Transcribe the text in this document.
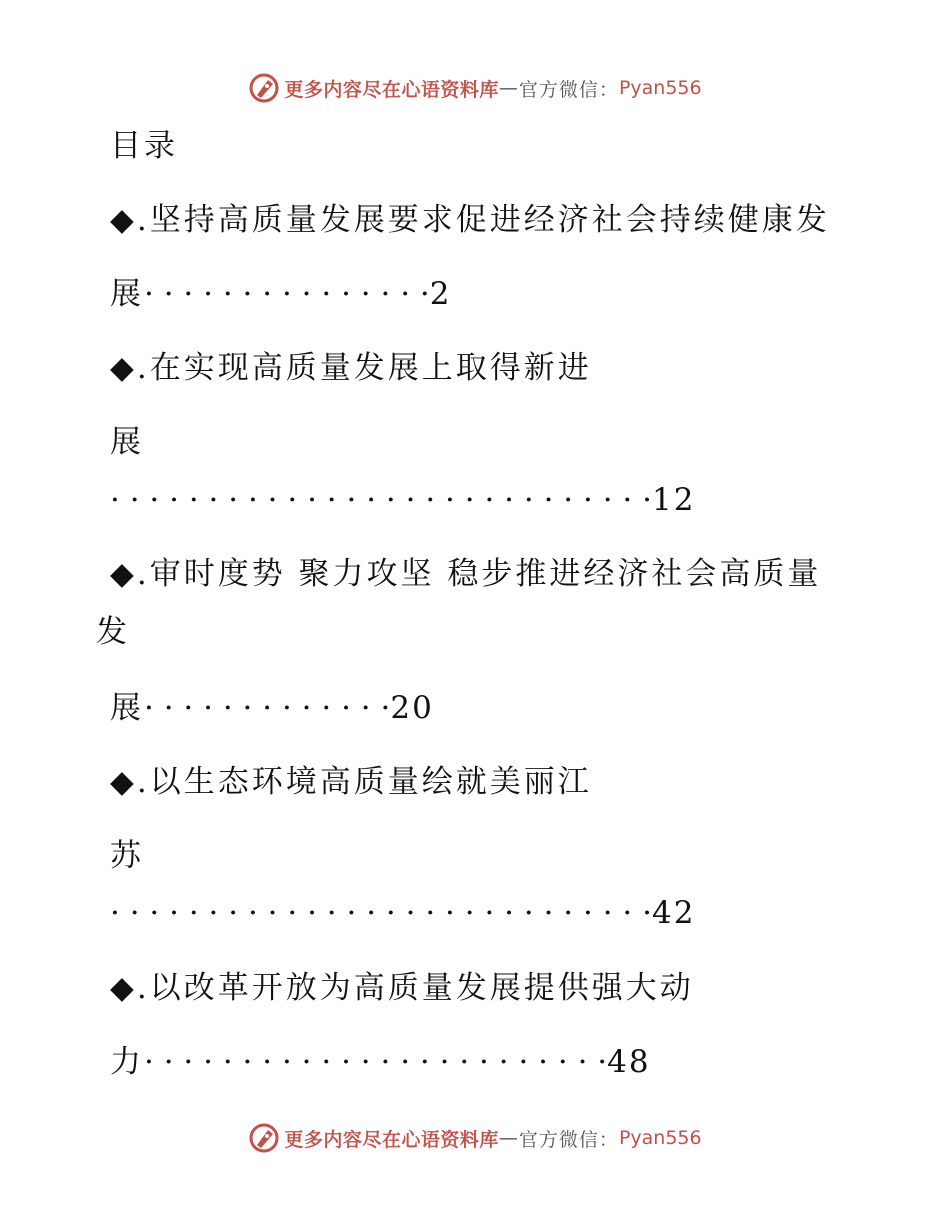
更多内容尽在心语资料库 — 官方微信： Pyan556
目录
◆.坚持高质量发展要求促进经济社会持续健康发
展· · · · · · · · · · · · · · ·2
◆.在实现高质量发展上取得新进
展
· · · · · · · · · · · · · · · · · · · · · · · · · · · ·12
◆.审时度势 聚力攻坚 稳步推进经济社会高质量
发
展· · · · · · · · · · · · ·20
◆.以生态环境高质量绘就美丽江
苏
· · · · · · · · · · · · · · · · · · · · · · · · · · · ·42
◆.以改革开放为高质量发展提供强大动
力· · · · · · · · · · · · · · · · · · · · · · · ·48
更多内容尽在心语资料库 — 官方微信： Pyan556
